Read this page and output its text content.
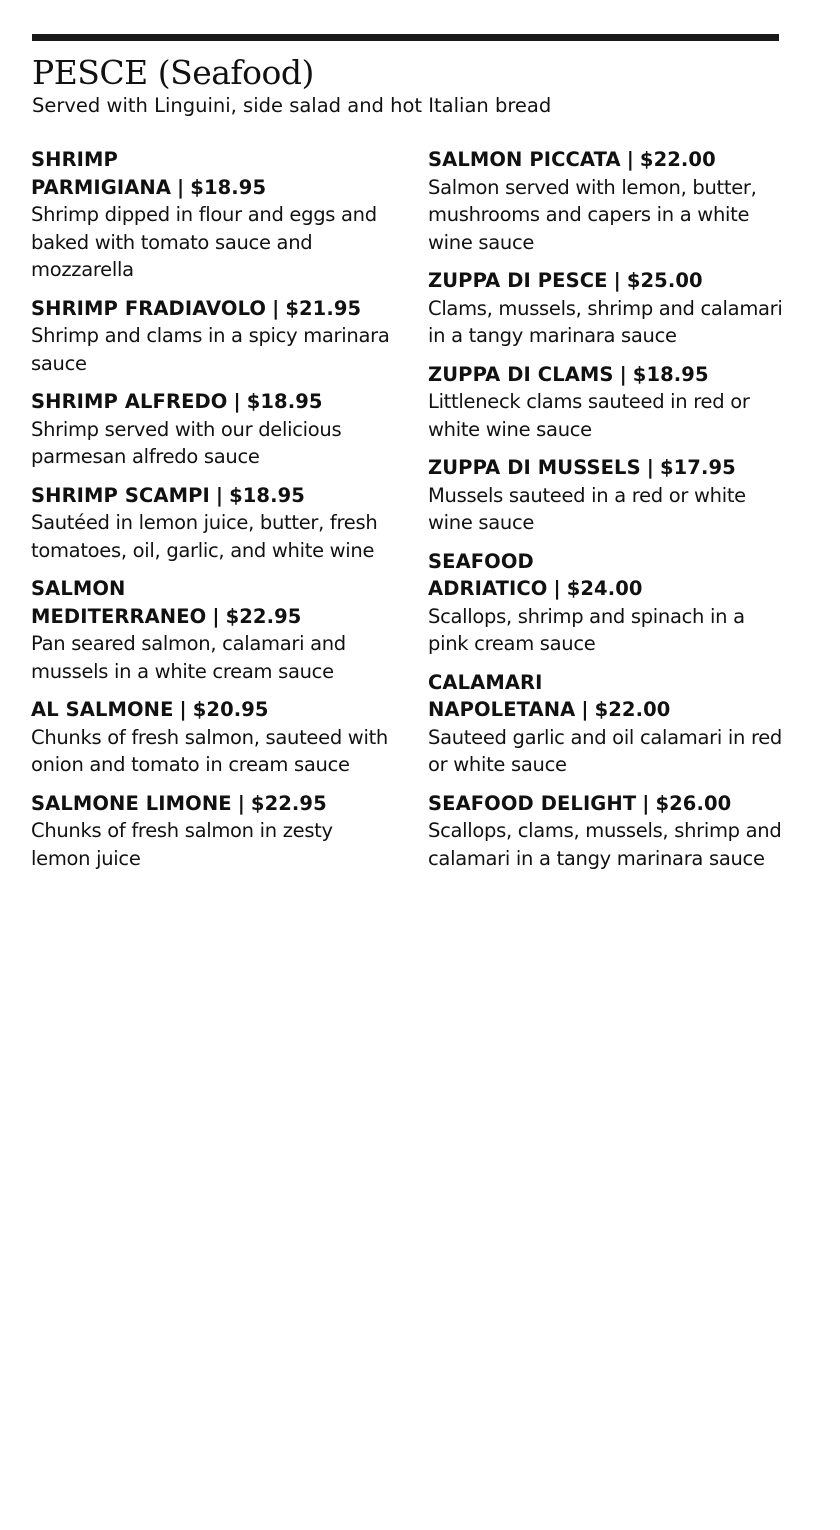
PESCE (Seafood)

Served with Linguini, side salad and hot Italian bread

SHRIMP
PARMIGIANA | $18.95
Shrimp dipped in flour and eggs and baked with tomato sauce and mozzarella
SHRIMP FRADIAVOLO | $21.95
Shrimp and clams in a spicy marinara sauce
SHRIMP ALFREDO | $18.95
Shrimp served with our delicious parmesan alfredo sauce
SHRIMP SCAMPI | $18.95
Sautéed in lemon juice, butter, fresh tomatoes, oil, garlic, and white wine
SALMON
MEDITERRANEO | $22.95
Pan seared salmon, calamari and mussels in a white cream sauce
AL SALMONE | $20.95
Chunks of fresh salmon, sauteed with onion and tomato in cream sauce
SALMONE LIMONE | $22.95
Chunks of fresh salmon in zesty lemon juice
SALMON PICCATA | $22.00
Salmon served with lemon, butter, mushrooms and capers in a white wine sauce
ZUPPA DI PESCE | $25.00
Clams, mussels, shrimp and calamari in a tangy marinara sauce
ZUPPA DI CLAMS | $18.95
Littleneck clams sauteed in red or white wine sauce
ZUPPA DI MUSSELS | $17.95
Mussels sauteed in a red or white wine sauce
SEAFOOD
ADRIATICO | $24.00
Scallops, shrimp and spinach in a pink cream sauce
CALAMARI
NAPOLETANA | $22.00
Sauteed garlic and oil calamari in red or white sauce
SEAFOOD DELIGHT | $26.00
Scallops, clams, mussels, shrimp and calamari in a tangy marinara sauce
